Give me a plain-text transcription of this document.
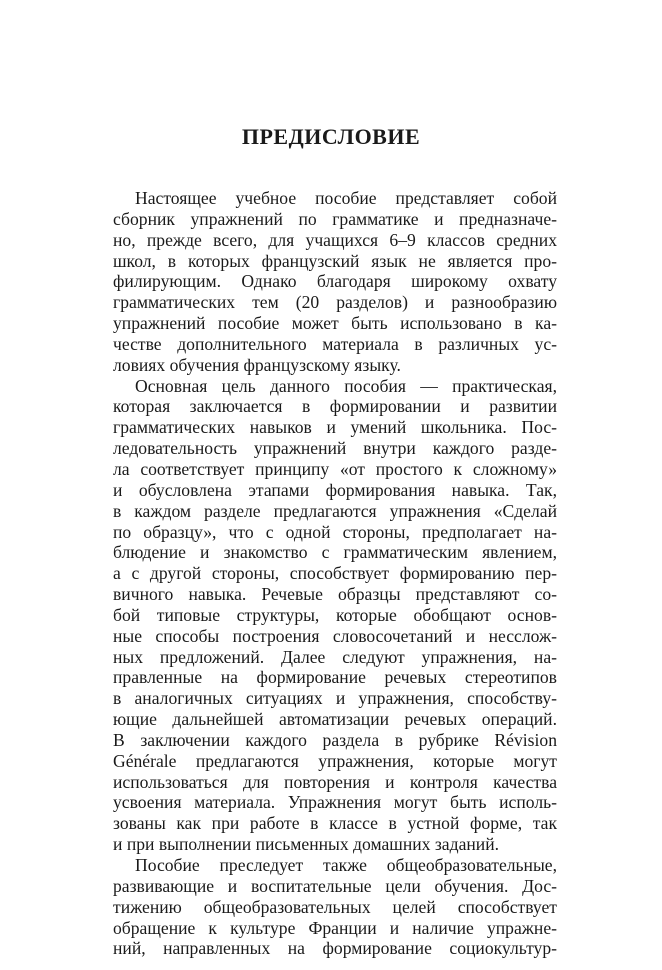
ПРЕДИСЛОВИЕ
Настоящее учебное пособие представляет собой
сборник упражнений по грамматике и предназначе-
но, прежде всего, для учащихся 6–9 классов средних
школ, в которых французский язык не является про-
филирующим. Однако благодаря широкому охвату
грамматических тем (20 разделов) и разнообразию
упражнений пособие может быть использовано в ка-
честве дополнительного материала в различных ус-
ловиях обучения французскому языку.
Основная цель данного пособия — практическая,
которая заключается в формировании и развитии
грамматических навыков и умений школьника. Пос-
ледовательность упражнений внутри каждого разде-
ла соответствует принципу «от простого к сложному»
и обусловлена этапами формирования навыка. Так,
в каждом разделе предлагаются упражнения «Сделай
по образцу», что с одной стороны, предполагает на-
блюдение и знакомство с грамматическим явлением,
а с другой стороны, способствует формированию пер-
вичного навыка. Речевые образцы представляют со-
бой типовые структуры, которые обобщают основ-
ные способы построения словосочетаний и несслож-
ных предложений. Далее следуют упражнения, на-
правленные на формирование речевых стереотипов
в аналогичных ситуациях и упражнения, способству-
ющие дальнейшей автоматизации речевых операций.
В заключении каждого раздела в рубрике Révision
Générale предлагаются упражнения, которые могут
использоваться для повторения и контроля качества
усвоения материала. Упражнения могут быть исполь-
зованы как при работе в классе в устной форме, так
и при выполнении письменных домашних заданий.
Пособие преследует также общеобразовательные,
развивающие и воспитательные цели обучения. Дос-
тижению общеобразовательных целей способствует
обращение к культуре Франции и наличие упражне-
ний, направленных на формирование социокультур-
